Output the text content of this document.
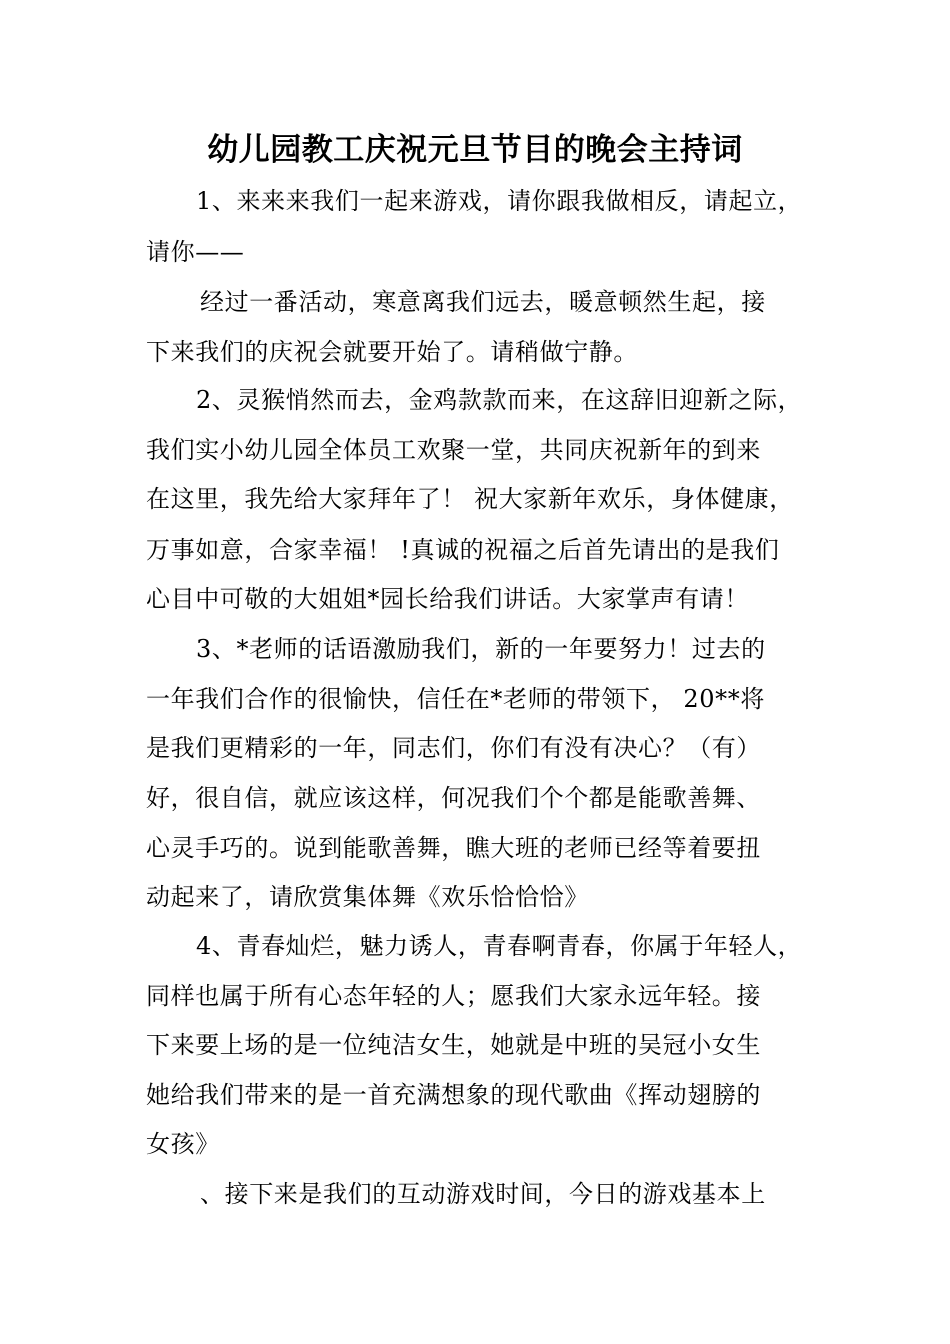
幼儿园教工庆祝元旦节目的晚会主持词
1、来来来我们一起来游戏，请你跟我做相反，请起立，
请你——
经过一番活动，寒意离我们远去，暖意顿然生起，接
下来我们的庆祝会就要开始了。请稍做宁静。
2、灵猴悄然而去，金鸡款款而来，在这辞旧迎新之际，
我们实小幼儿园全体员工欢聚一堂，共同庆祝新年的到来
在这里，我先给大家拜年了！ 祝大家新年欢乐，身体健康，
万事如意，合家幸福！ !真诚的祝福之后首先请出的是我们
心目中可敬的大姐姐*园长给我们讲话。大家掌声有请！
3、*老师的话语激励我们，新的一年要努力！过去的
一年我们合作的很愉快，信任在*老师的带领下， 20**将
是我们更精彩的一年，同志们，你们有没有决心？（有）
好，很自信，就应该这样，何况我们个个都是能歌善舞、
心灵手巧的。说到能歌善舞，瞧大班的老师已经等着要扭
动起来了，请欣赏集体舞《欢乐恰恰恰》
4、青春灿烂，魅力诱人，青春啊青春，你属于年轻人，
同样也属于所有心态年轻的人；愿我们大家永远年轻。接
下来要上场的是一位纯洁女生，她就是中班的吴冠小女生
她给我们带来的是一首充满想象的现代歌曲《挥动翅膀的
女孩》
、接下来是我们的互动游戏时间，今日的游戏基本上
